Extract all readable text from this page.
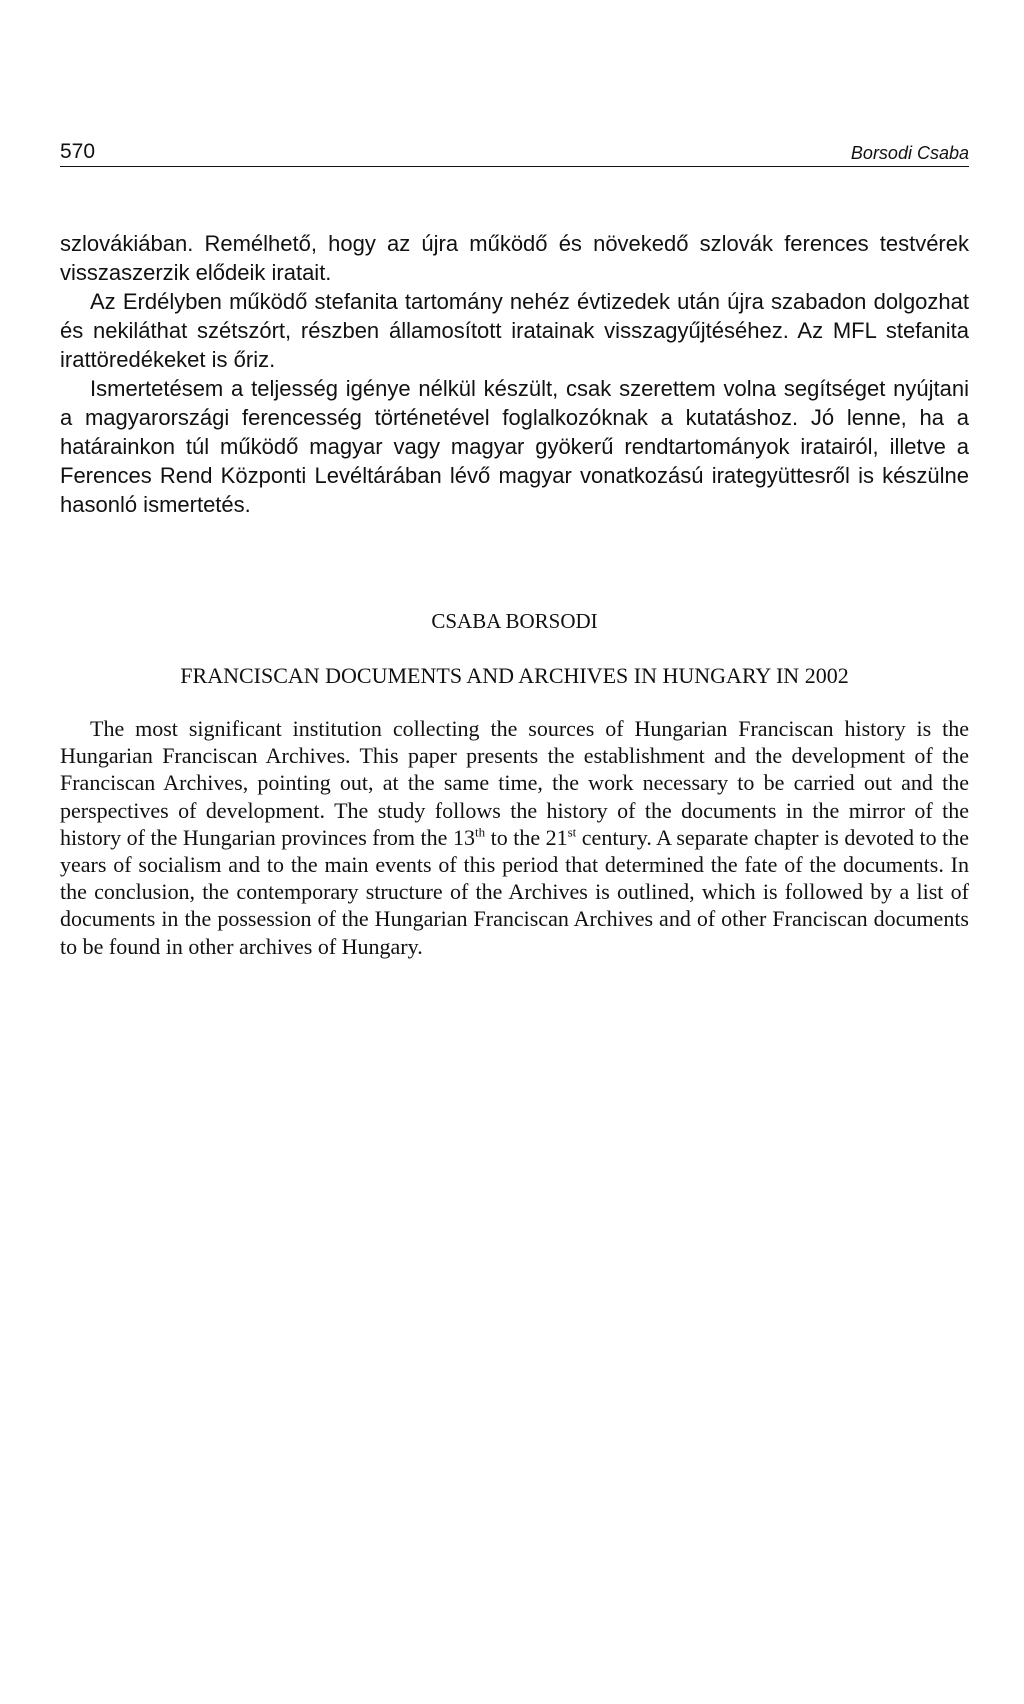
570	Borsodi Csaba

szlovákiában. Remélhető, hogy az újra működő és növekedő szlovák ferences testvérek visszaszerzik elődeik iratait.

Az Erdélyben működő stefanita tartomány nehéz évtizedek után újra szabadon dolgozhat és nekiláthat szétszórt, részben államosított iratainak visszagyűjtéséhez. Az MFL stefanita irattöredékeket is őriz.

Ismertetésem a teljesség igénye nélkül készült, csak szerettem volna segítséget nyújtani a magyarországi ferencesség történetével foglalkozóknak a kutatáshoz. Jó lenne, ha a határainkon túl működő magyar vagy magyar gyökerű rendtartományok iratairól, illetve a Ferences Rend Központi Levéltárában lévő magyar vonatkozású irategyüttesről is készülne hasonló ismertetés.

CSABA BORSODI
FRANCISCAN DOCUMENTS AND ARCHIVES IN HUNGARY IN 2002

The most significant institution collecting the sources of Hungarian Franciscan history is the Hungarian Franciscan Archives. This paper presents the establishment and the development of the Franciscan Archives, pointing out, at the same time, the work necessary to be carried out and the perspectives of development. The study follows the history of the documents in the mirror of the history of the Hungarian provinces from the 13th to the 21st century. A separate chapter is devoted to the years of socialism and to the main events of this period that determined the fate of the documents. In the conclusion, the contemporary structure of the Archives is outlined, which is followed by a list of documents in the possession of the Hungarian Franciscan Archives and of other Franciscan documents to be found in other archives of Hungary.
